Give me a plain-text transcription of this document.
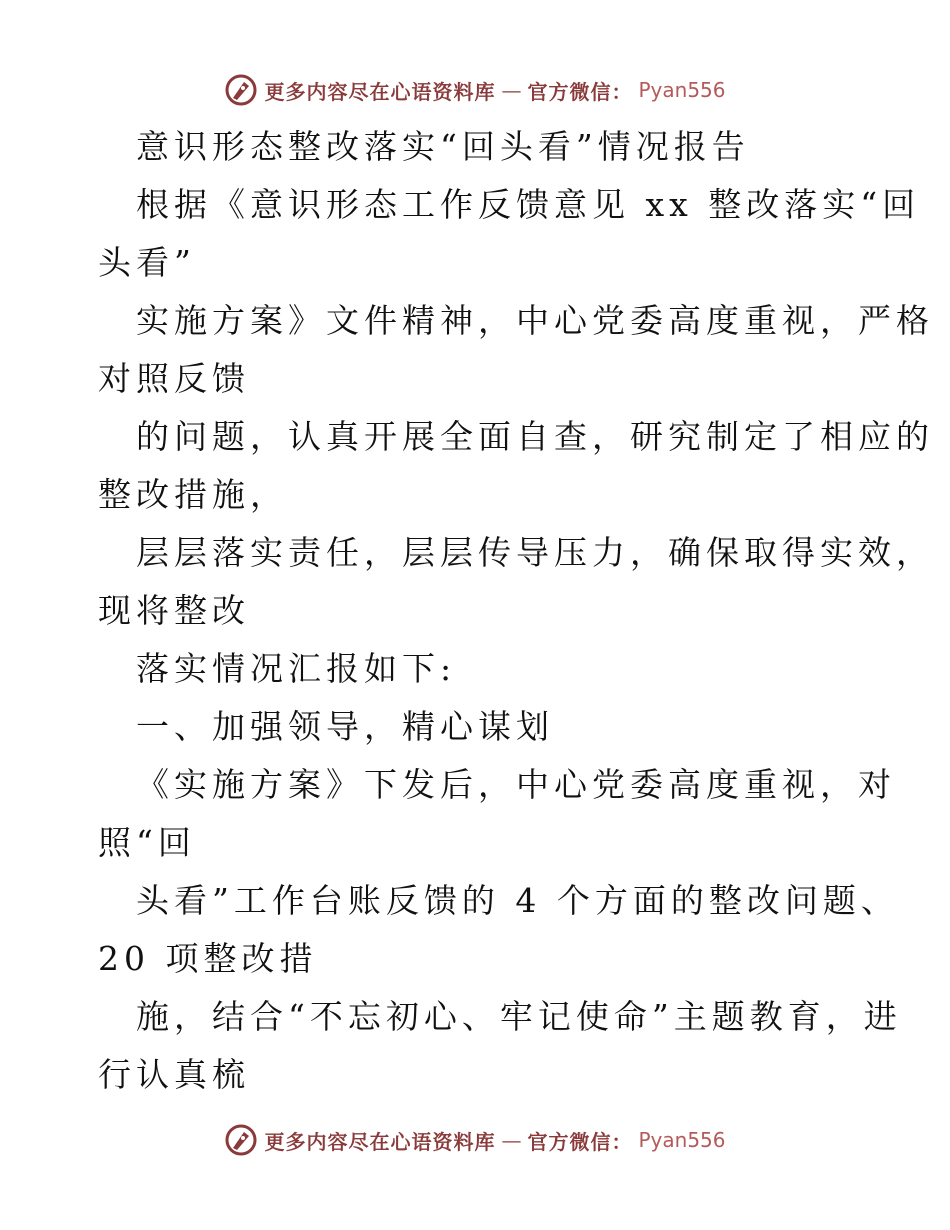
更多内容尽在心语资料库 — 官方微信： Pyan556
意识形态整改落实“回头看”情况报告
根据《意识形态工作反馈意见 xx 整改落实“回
头看”
实施方案》文件精神，中心党委高度重视，严格
对照反馈
的问题，认真开展全面自查，研究制定了相应的
整改措施，
层层落实责任，层层传导压力，确保取得实效，
现将整改
落实情况汇报如下:
一、加强领导，精心谋划
《实施方案》下发后，中心党委高度重视，对
照“回
头看”工作台账反馈的 4 个方面的整改问题、
20 项整改措
施，结合“不忘初心、牢记使命”主题教育，进
行认真梳
更多内容尽在心语资料库 — 官方微信： Pyan556
